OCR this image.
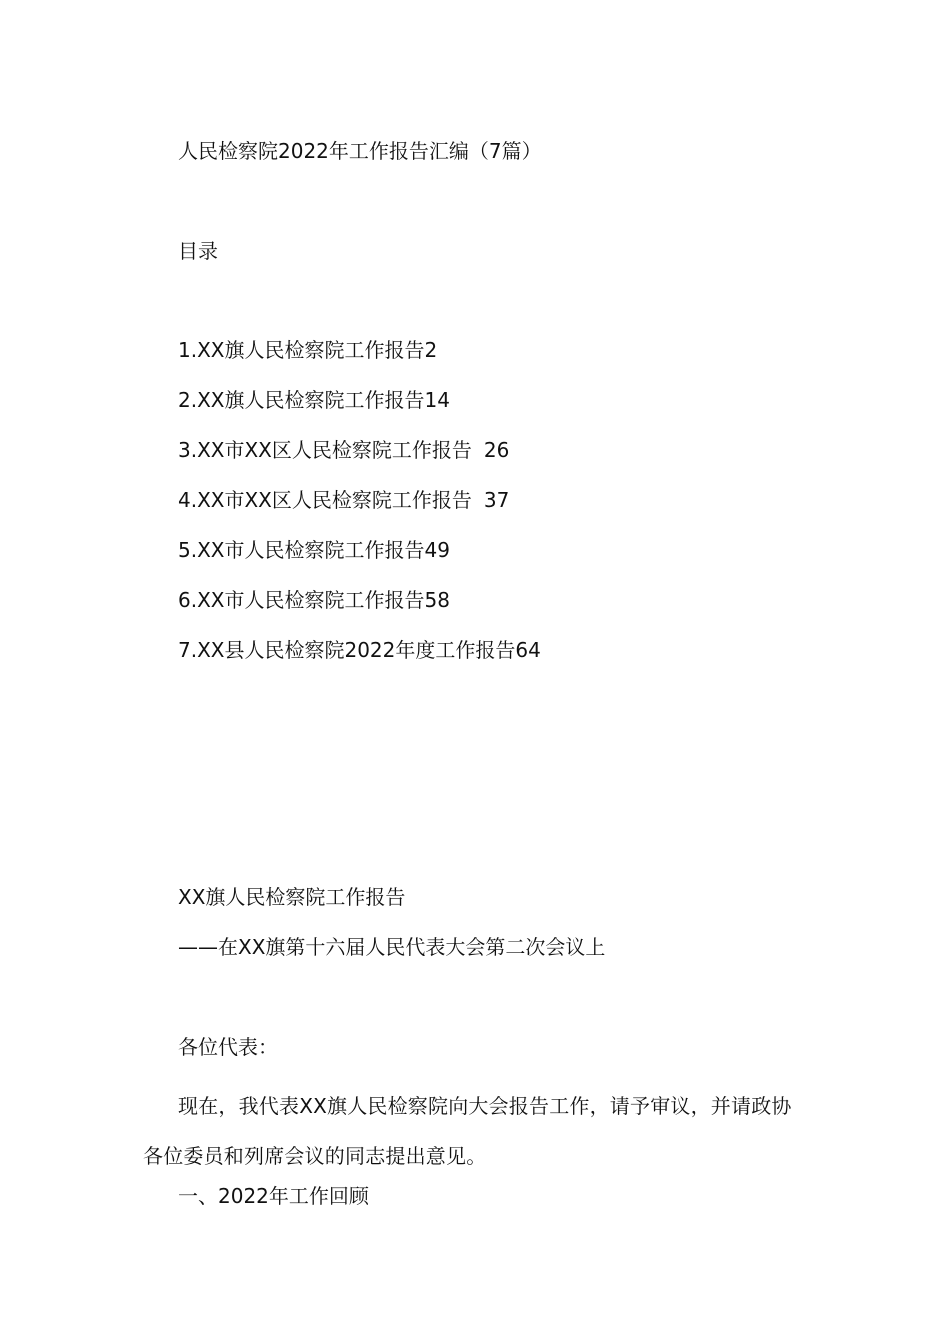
人民检察院2022年工作报告汇编（7篇）
目录
1.XX旗人民检察院工作报告2
2.XX旗人民检察院工作报告14
3.XX市XX区人民检察院工作报告 26
4.XX市XX区人民检察院工作报告 37
5.XX市人民检察院工作报告49
6.XX市人民检察院工作报告58
7.XX县人民检察院2022年度工作报告64
XX旗人民检察院工作报告
——在XX旗第十六届人民代表大会第二次会议上
各位代表：
现在，我代表XX旗人民检察院向大会报告工作，请予审议，并请政协各位委员和列席会议的同志提出意见。
一、2022年工作回顾
